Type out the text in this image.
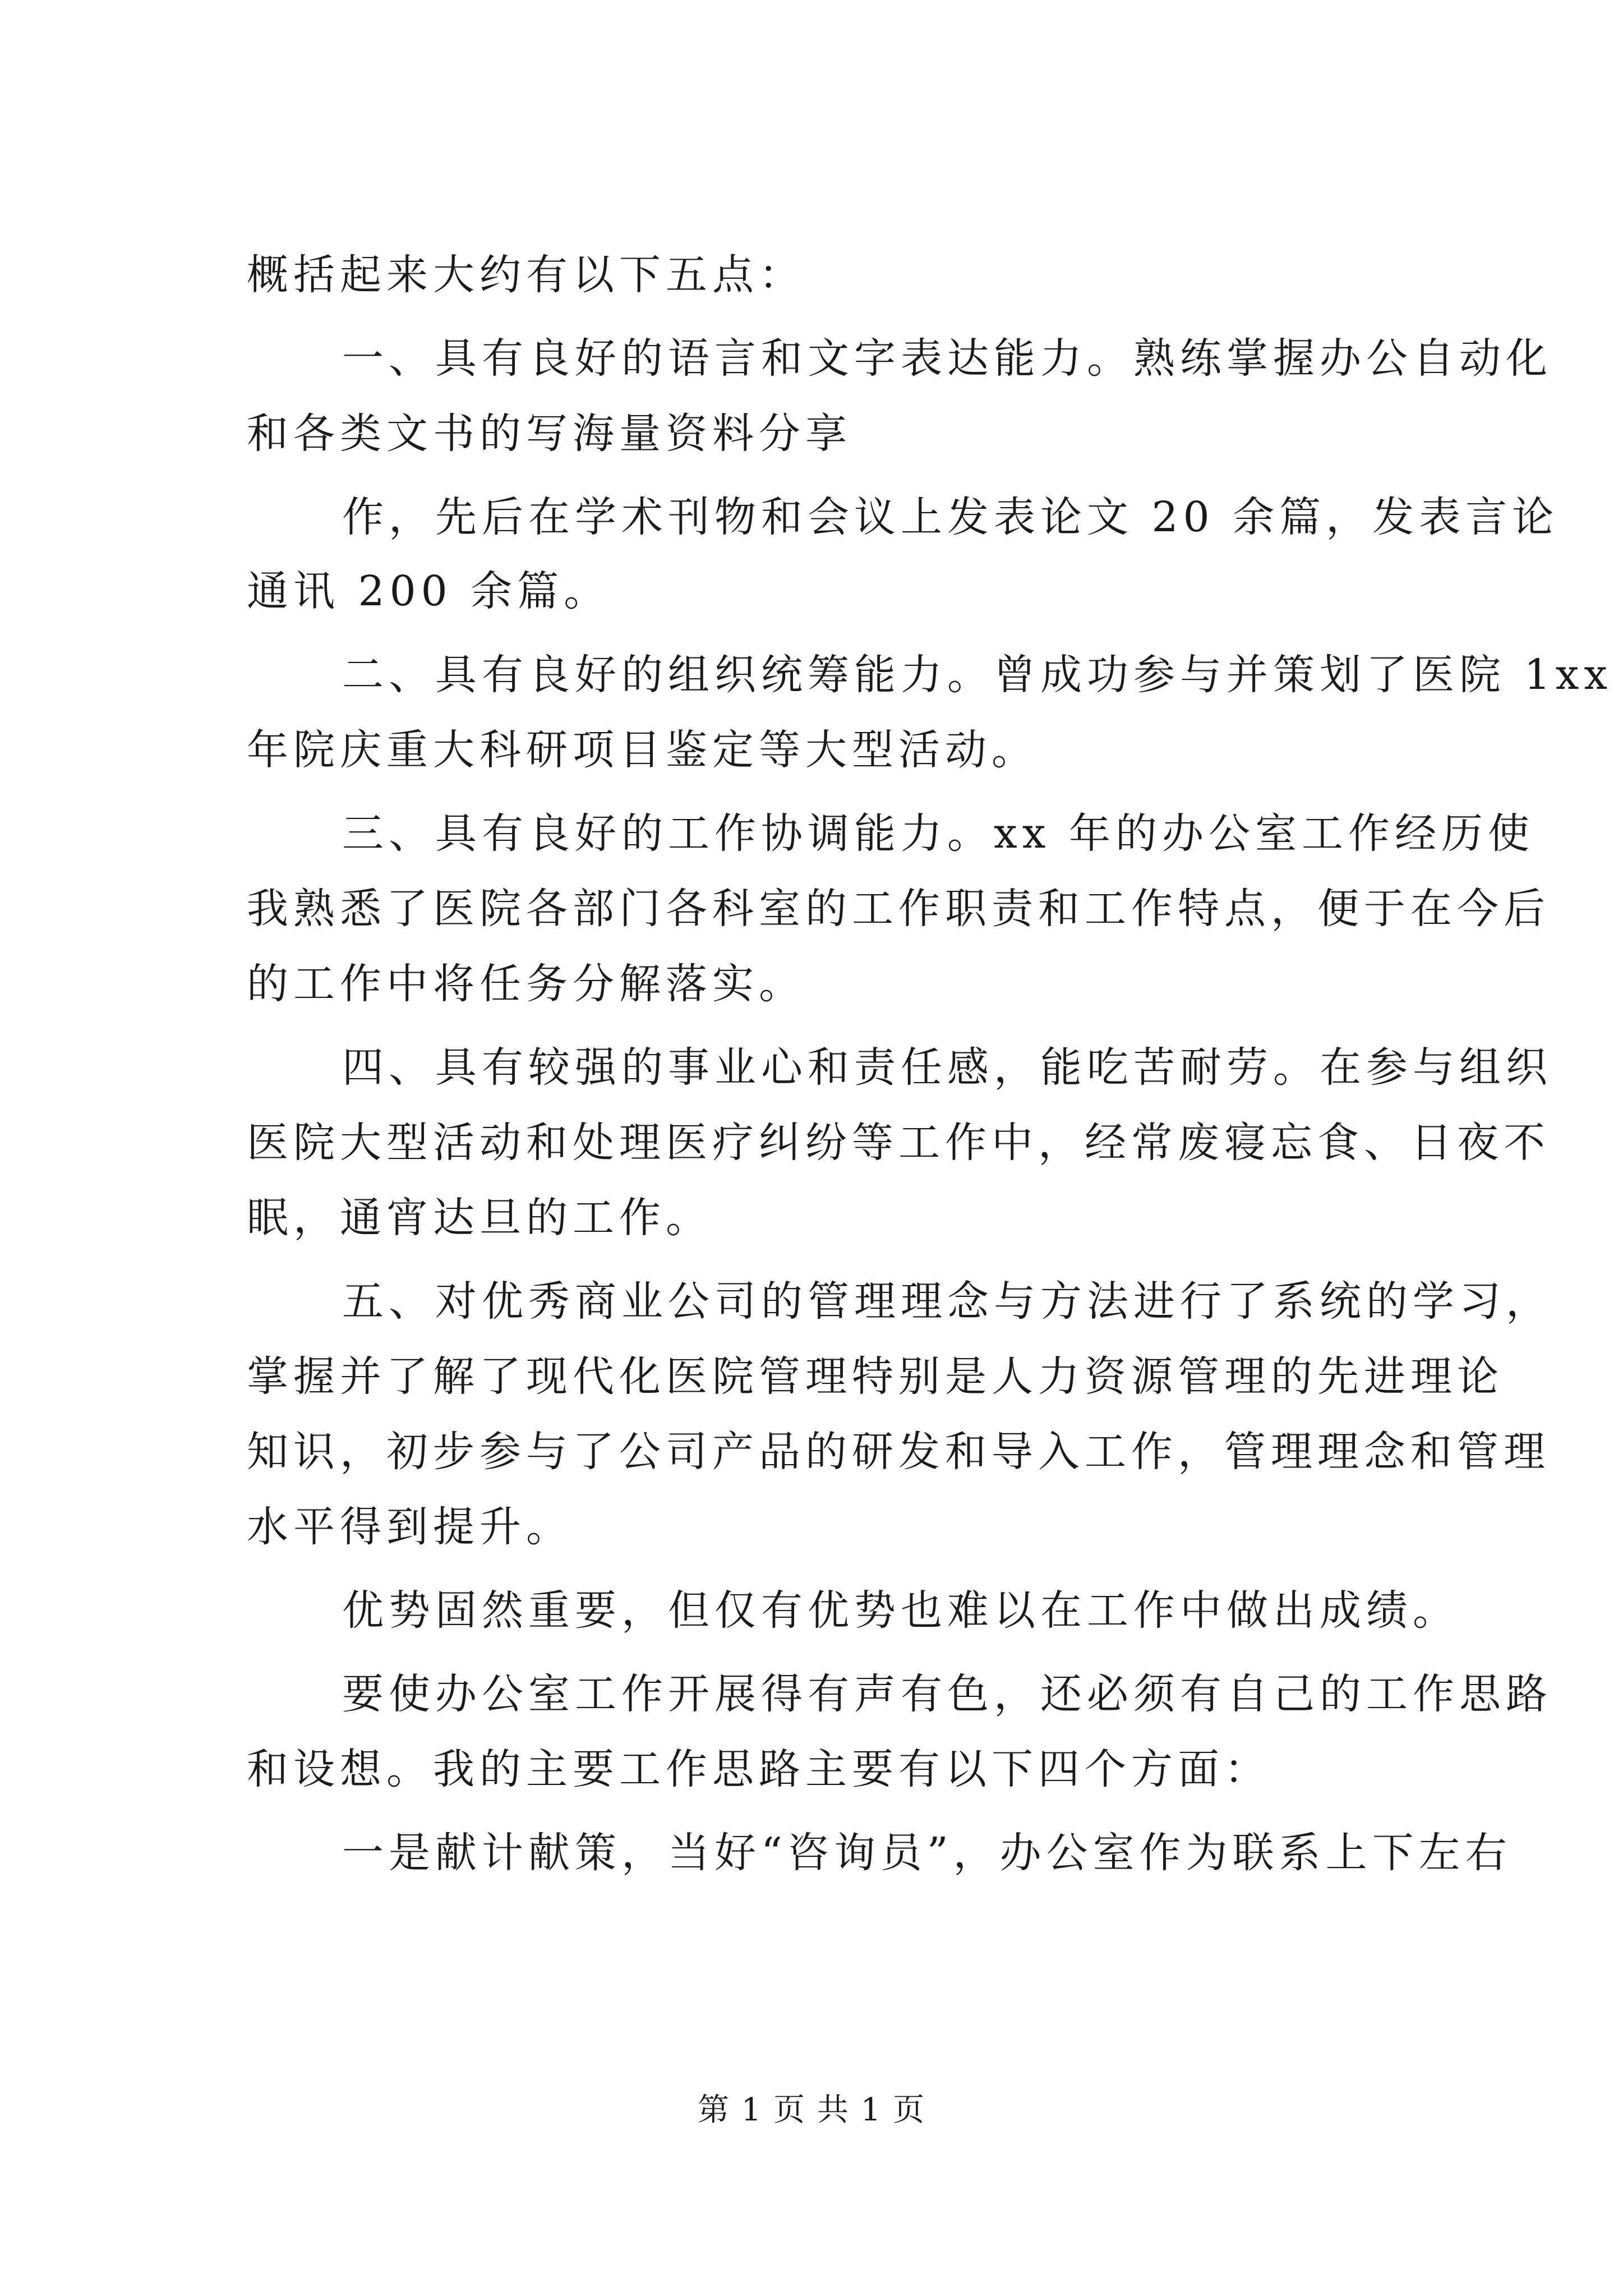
概括起来大约有以下五点：
一、具有良好的语言和文字表达能力。熟练掌握办公自动化
和各类文书的写海量资料分享
作，先后在学术刊物和会议上发表论文 20 余篇，发表言论
通讯 200 余篇。
二、具有良好的组织统筹能力。曾成功参与并策划了医院 1xx
年院庆重大科研项目鉴定等大型活动。
三、具有良好的工作协调能力。xx 年的办公室工作经历使
我熟悉了医院各部门各科室的工作职责和工作特点，便于在今后
的工作中将任务分解落实。
四、具有较强的事业心和责任感，能吃苦耐劳。在参与组织
医院大型活动和处理医疗纠纷等工作中，经常废寝忘食、日夜不
眠，通宵达旦的工作。
五、对优秀商业公司的管理理念与方法进行了系统的学习，
掌握并了解了现代化医院管理特别是人力资源管理的先进理论
知识，初步参与了公司产品的研发和导入工作，管理理念和管理
水平得到提升。
优势固然重要，但仅有优势也难以在工作中做出成绩。
要使办公室工作开展得有声有色，还必须有自己的工作思路
和设想。我的主要工作思路主要有以下四个方面：
一是献计献策，当好“咨询员”，办公室作为联系上下左右
第 1 页 共 1 页
